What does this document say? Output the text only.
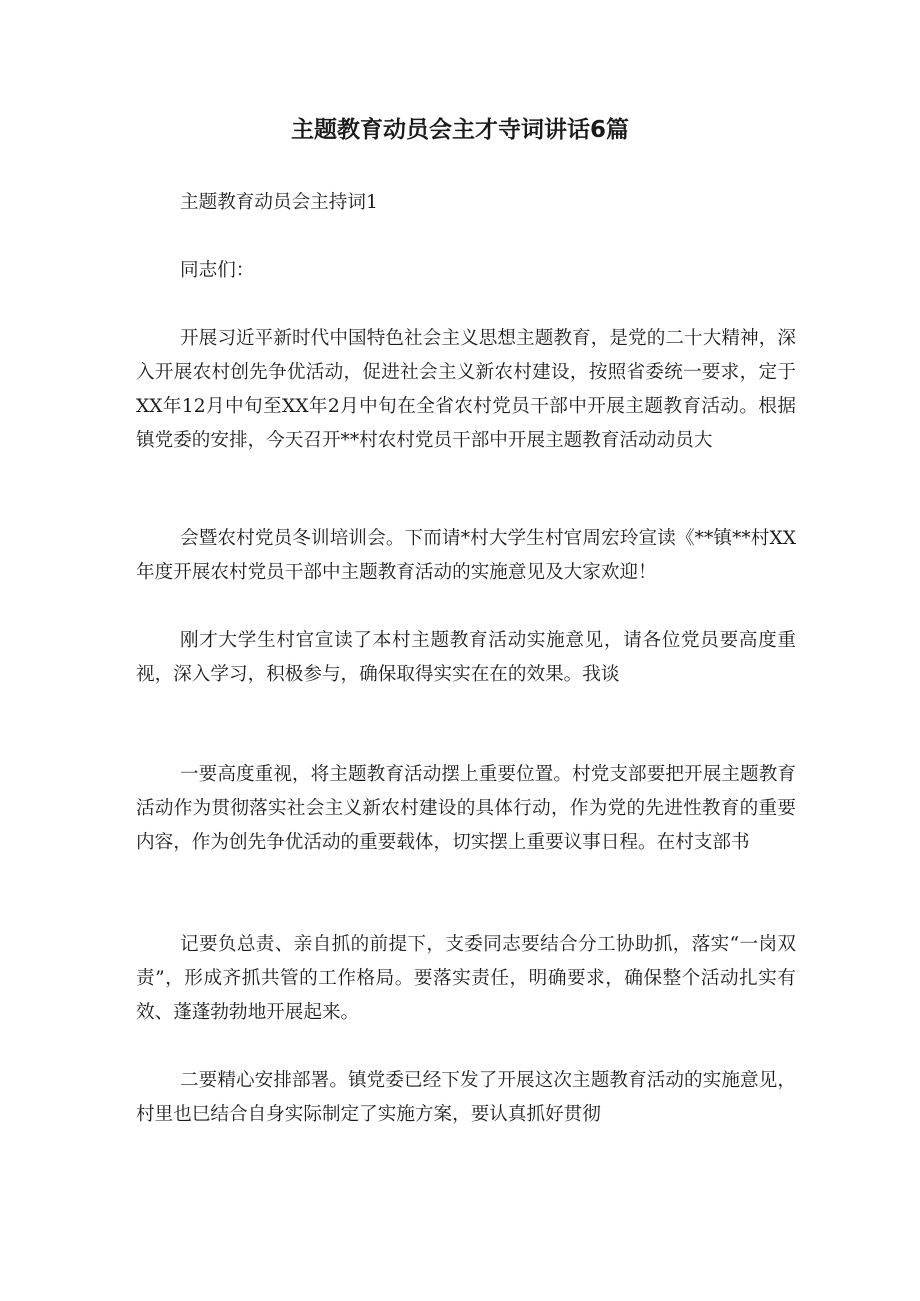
主题教育动员会主才寺词讲话6篇

主题教育动员会主持词1

同志们：

开展习近平新时代中国特色社会主义思想主题教育，是党的二十大精神，深入开展农村创先争优活动，促进社会主义新农村建设，按照省委统一要求，定于XX年12月中旬至XX年2月中旬在全省农村党员干部中开展主题教育活动。根据镇党委的安排，今天召开**村农村党员干部中开展主题教育活动动员大

会暨农村党员冬训培训会。下而请*村大学生村官周宏玲宣读《**镇**村XX年度开展农村党员干部中主题教育活动的实施意见及大家欢迎！

刚才大学生村官宣读了本村主题教育活动实施意见，请各位党员要高度重视，深入学习，积极参与，确保取得实实在在的效果。我谈

一要高度重视，将主题教育活动摆上重要位置。村党支部要把开展主题教育活动作为贯彻落实社会主义新农村建设的具体行动，作为党的先进性教育的重要内容，作为创先争优活动的重要载体，切实摆上重要议事日程。在村支部书

记要负总责、亲自抓的前提下，支委同志要结合分工协助抓，落实“一岗双责”，形成齐抓共管的工作格局。要落实责任，明确要求，确保整个活动扎实有效、蓬蓬勃勃地开展起来。

二要精心安排部署。镇党委已经下发了开展这次主题教育活动的实施意见，村里也巳结合自身实际制定了实施方案，要认真抓好贯彻
